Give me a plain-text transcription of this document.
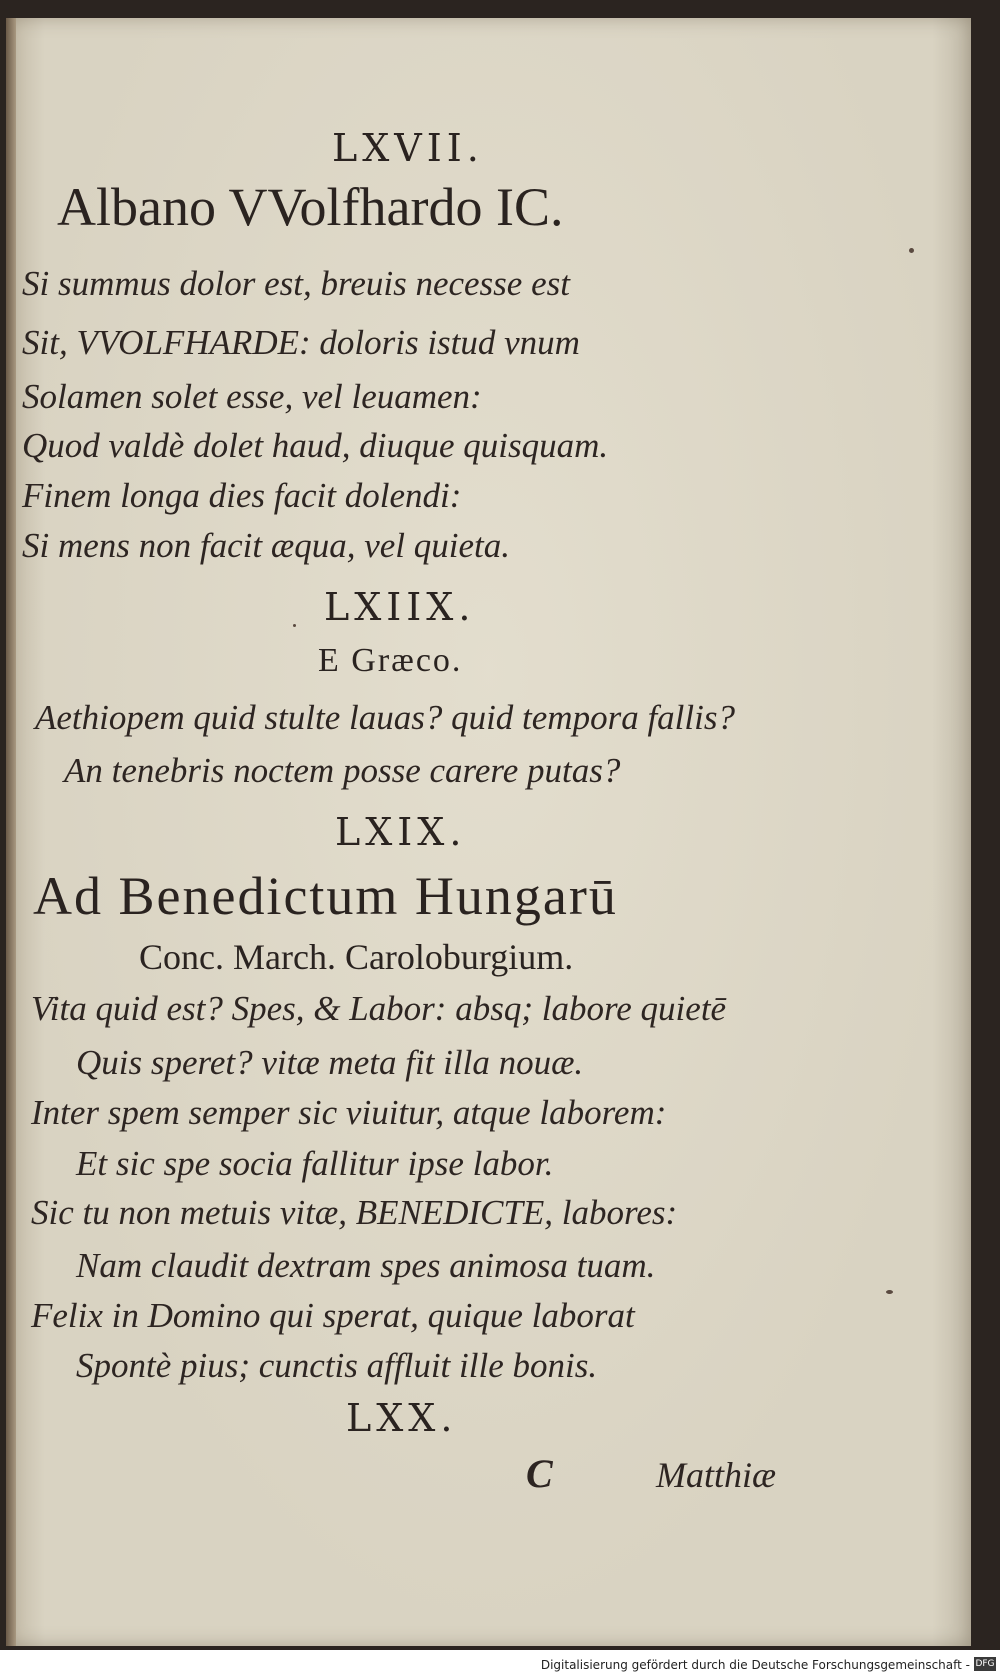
LXVII.
Albano VVolfhardo IC.
Si summus dolor est, breuis necesse est
Sit, VVOLFHARDE: doloris istud vnum
Solamen solet esse, vel leuamen:
Quod valdè dolet haud, diuque quisquam.
Finem longa dies facit dolendi:
Si mens non facit æqua, vel quieta.
LXIIX.
E Græco.
Aethiopem quid stulte lauas? quid tempora fallis?
An tenebris noctem posse carere putas?
LXIX.
Ad Benedictum Hungarū
Conc. March. Caroloburgium.
Vita quid est? Spes, & Labor: absq; labore quietē
Quis speret? vitæ meta fit illa nouæ.
Inter spem semper sic viuitur, atque laborem:
Et sic spe socia fallitur ipse labor.
Sic tu non metuis vitæ, BENEDICTE, labores:
Nam claudit dextram spes animosa tuam.
Felix in Domino qui sperat, quique laborat
Spontè pius; cunctis affluit ille bonis.
LXX.
C	Matthiæ
Digitalisierung gefördert durch die Deutsche Forschungsgemeinschaft - DFG
